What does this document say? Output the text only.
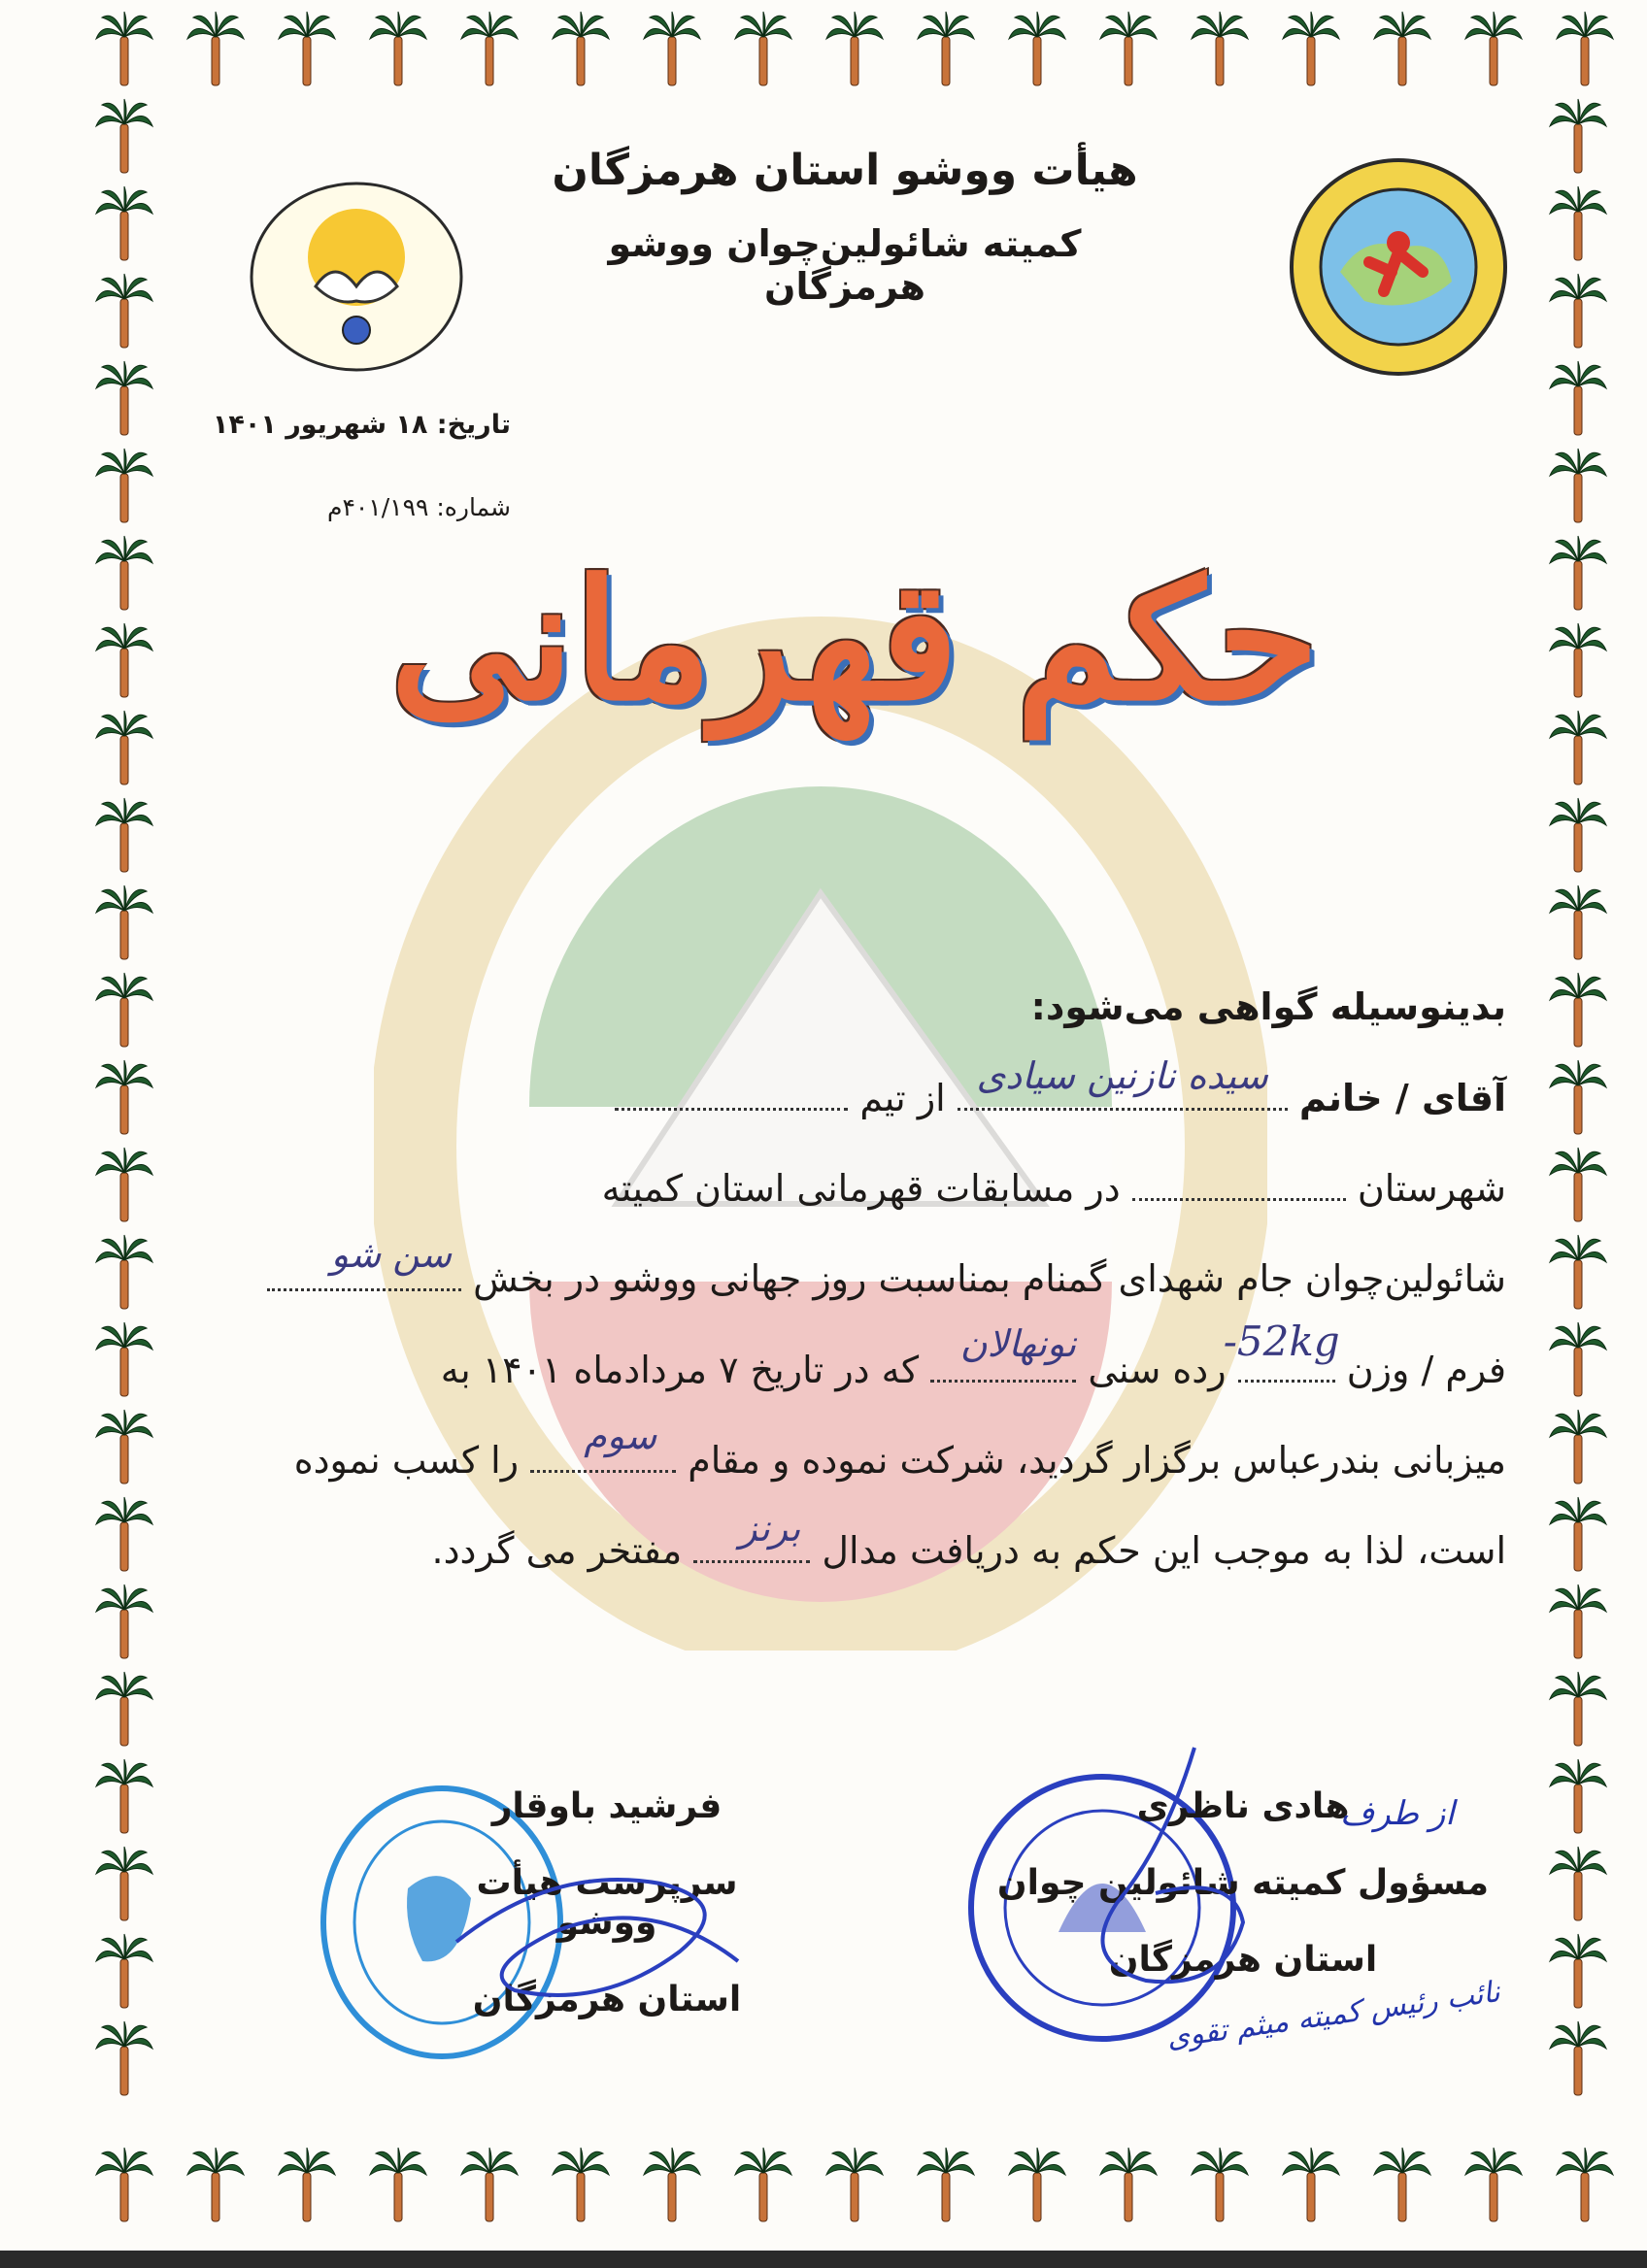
هیأت ووشو استان هرمزگان
کمیته شائولین‌چوان ووشو هرمزگان
تاریخ: ۱۸ شهریور ۱۴۰۱
شماره: ۴۰۱/۱۹۹م
حکم قهرمانی
بدینوسیله گواهی می‌شود:
آقای / خانم
سیده نازنین سیادی
از تیم
شهرستان  در مسابقات قهرمانی استان کمیته
شائولین‌چوان جام شهدای گمنام بمناسبت روز جهانی ووشو در بخش
سن شو
فرم / وزن
52kg-
رده سنی
نونهالان
که در تاریخ ۷ مردادماه ۱۴۰۱ به
میزبانی بندرعباس برگزار گردید، شرکت نموده و مقام
سوم
را کسب نموده
است، لذا به موجب این حکم به دریافت مدال
برنز
مفتخر می گردد.
فرشید باوقار
سرپرست هیأت ووشو
استان هرمزگان
هادی ناظری
مسؤول کمیته شائولین چوان
استان هرمزگان
از طرف
نائب رئیس کمیته میثم تقوی
